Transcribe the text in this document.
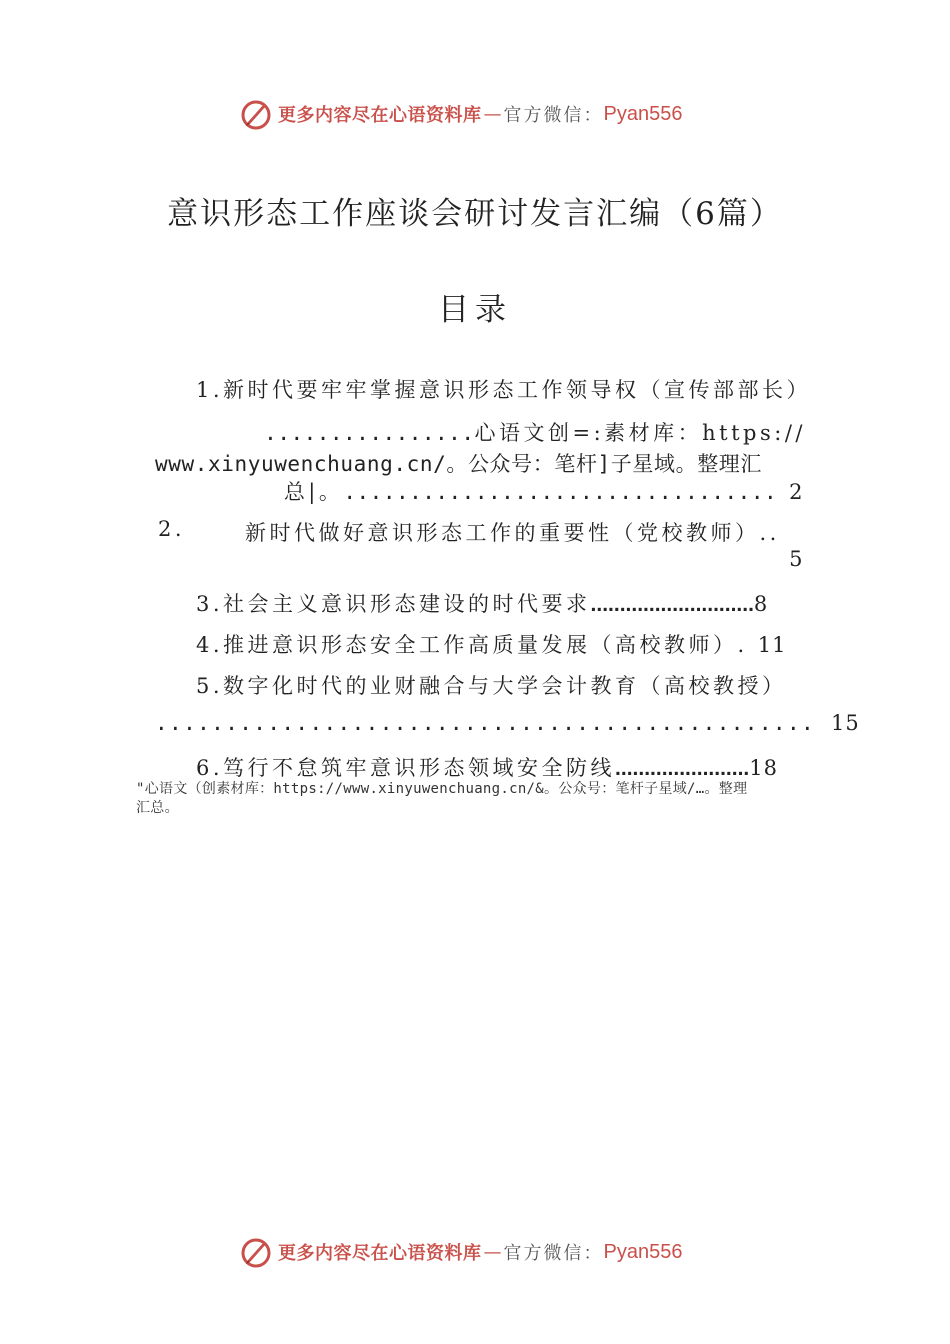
更多内容尽在心语资料库 — 官方微信： Pyan556
意识形态工作座谈会研讨发言汇编（6篇）
目录
1.新时代要牢牢掌握意识形态工作领导权（宣传部部长）
................心语文创=:素材库：https://
www.xinyuwenchuang.cn/。公众号：笔杆]子星域。整理汇
总|。................................. 2
2.	新时代做好意识形态工作的重要性（党校教师）..
5
3.社会主义意识形态建设的时代要求............................8
4.推进意识形态安全工作高质量发展（高校教师）. 11
5.数字化时代的业财融合与大学会计教育（高校教授）
............................................... 15
6.笃行不怠筑牢意识形态领域安全防线.......................18
"心语文（创素材库：https://www.xinyuwenchuang.cn/&。公众号：笔杆子星域/…。整理
汇总。
更多内容尽在心语资料库 — 官方微信： Pyan556
